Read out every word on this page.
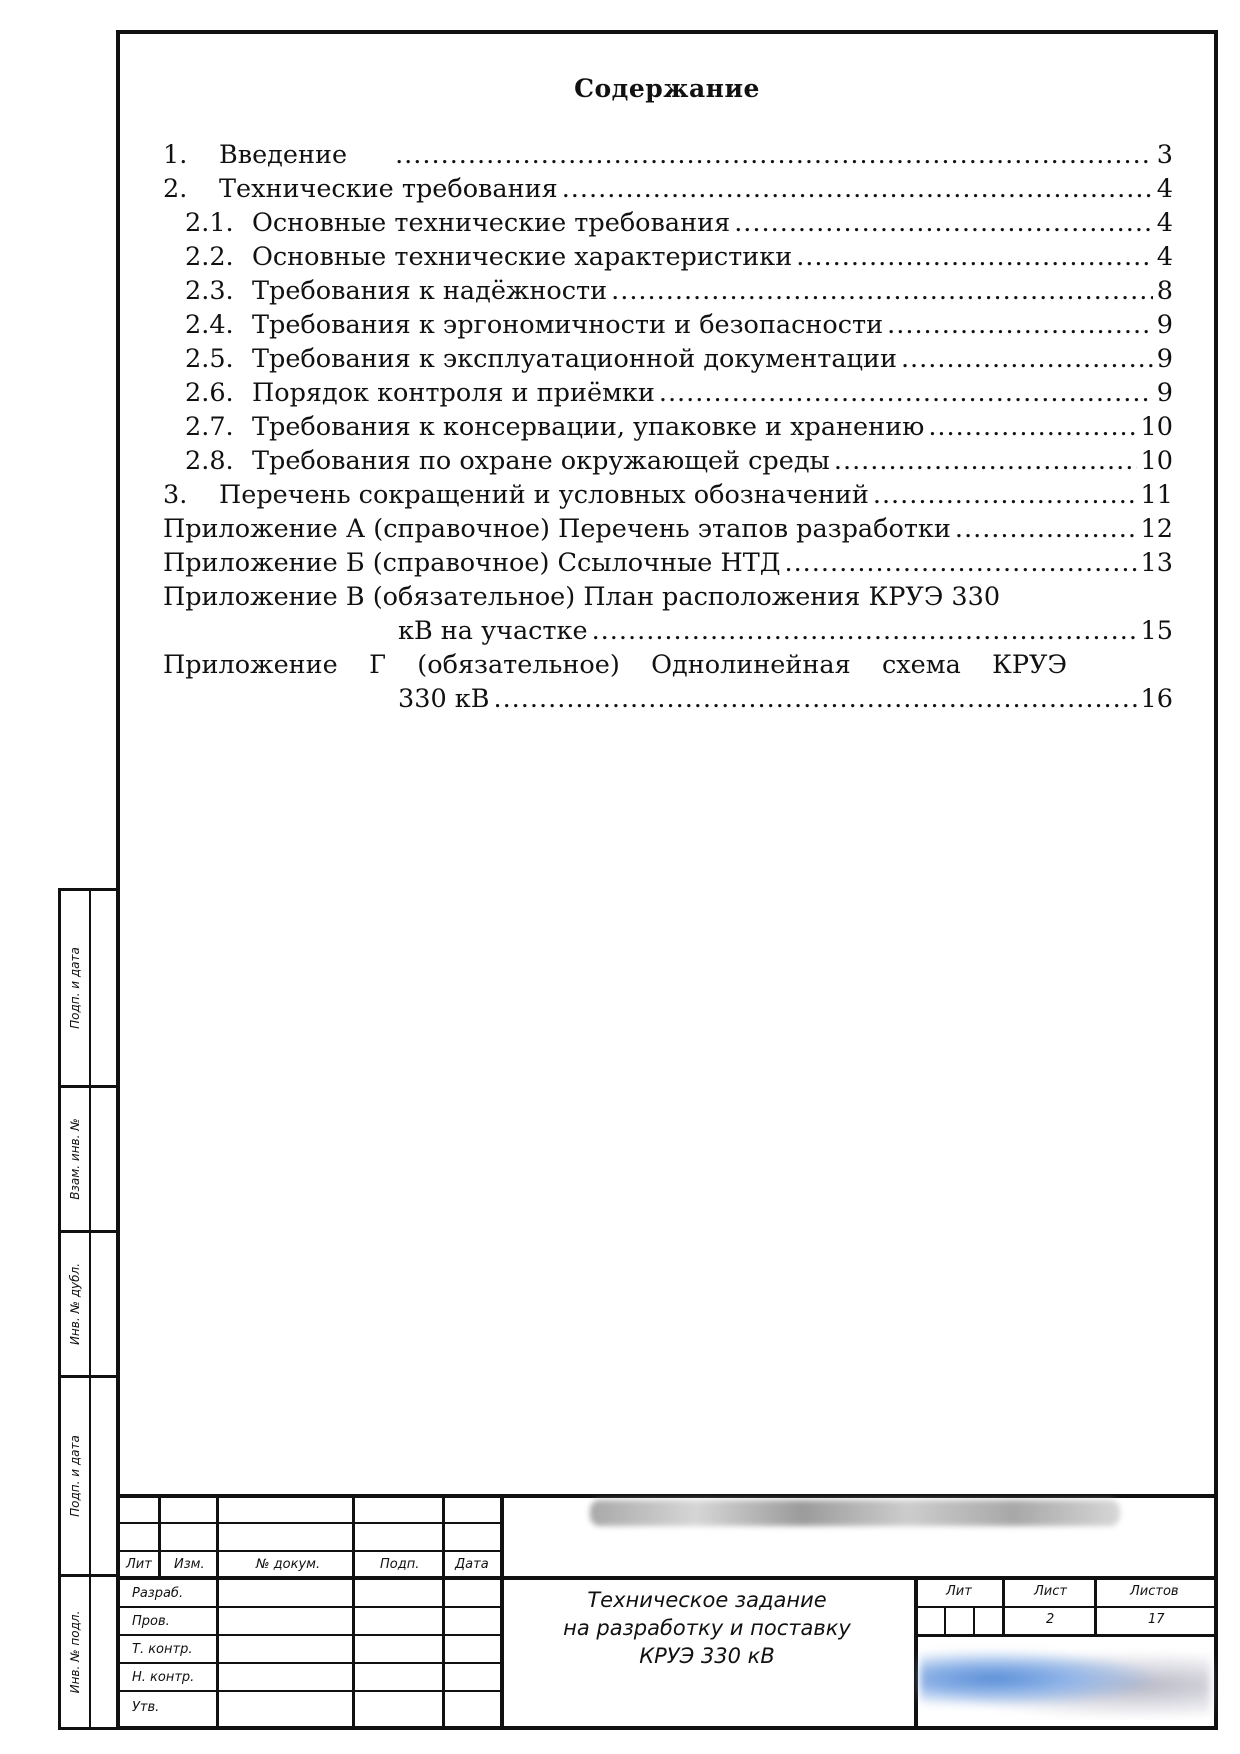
Содержание
1.	Введение .....	3
2.	Технические требования .....	4
2.1. Основные технические требования .....	4
2.2. Основные технические характеристики .....	4
2.3. Требования к надёжности .....	8
2.4. Требования к эргономичности и безопасности .....	9
2.5. Требования к эксплуатационной документации .....	9
2.6. Порядок контроля и приёмки .....	9
2.7. Требования к консервации, упаковке и хранению .....	10
2.8. Требования по охране окружающей среды .....	10
3.	Перечень сокращений и условных обозначений .....	11
Приложение А (справочное) Перечень этапов разработки .....	12
Приложение Б (справочное) Ссылочные НТД .....	13
Приложение В (обязательное) План расположения КРУЭ 330
кВ на участке .....	15
Приложение Г (обязательное) Однолинейная схема КРУЭ
330 кВ .....	16
Подп. и дата
Взам. инв. №
Инв. № дубл.
Подп. и дата
Инв. № подл.
Лит Изм.	№ докум.	Подп.	Дата
Разраб.
Пров.
Т. контр.
Н. контр.
Утв.
Техническое задание
на разработку и поставку
КРУЭ 330 кВ
Лит	Лист	Листов
2	17
